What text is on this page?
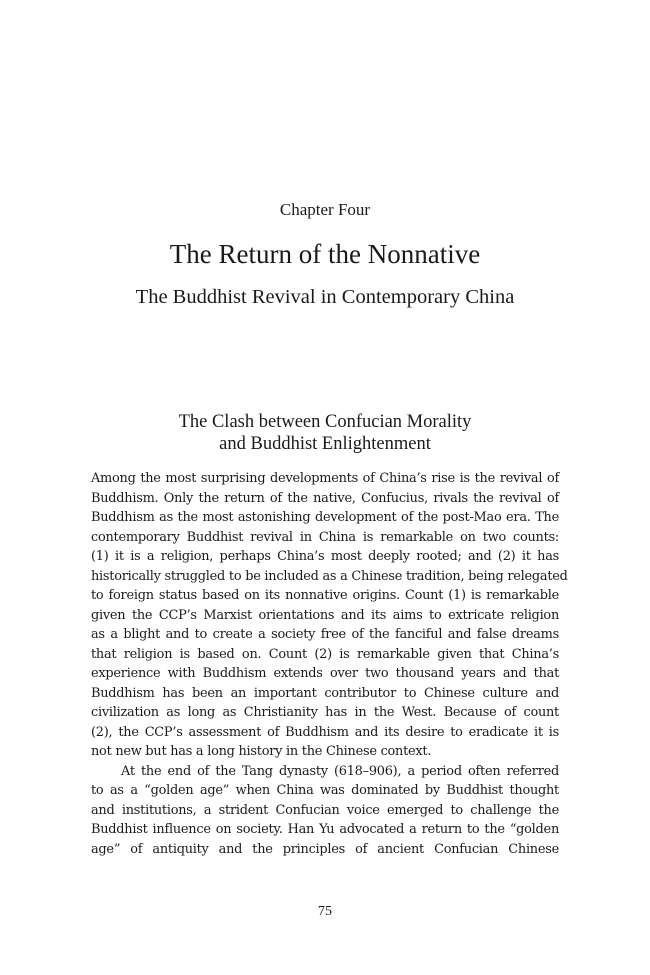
Chapter Four
The Return of the Nonnative
The Buddhist Revival in Contemporary China
The Clash between Confucian Morality
and Buddhist Enlightenment
Among the most surprising developments of China’s rise is the revival of
Buddhism. Only the return of the native, Confucius, rivals the revival of
Buddhism as the most astonishing development of the post-Mao era. The
contemporary Buddhist revival in China is remarkable on two counts:
(1) it is a religion, perhaps China’s most deeply rooted; and (2) it has
historically struggled to be included as a Chinese tradition, being relegated
to foreign status based on its nonnative origins. Count (1) is remarkable
given the CCP’s Marxist orientations and its aims to extricate religion
as a blight and to create a society free of the fanciful and false dreams
that religion is based on. Count (2) is remarkable given that China’s
experience with Buddhism extends over two thousand years and that
Buddhism has been an important contributor to Chinese culture and
civilization as long as Christianity has in the West. Because of count
(2), the CCP’s assessment of Buddhism and its desire to eradicate it is
not new but has a long history in the Chinese context.
At the end of the Tang dynasty (618–906), a period often referred
to as a “golden age” when China was dominated by Buddhist thought
and institutions, a strident Confucian voice emerged to challenge the
Buddhist influence on society. Han Yu advocated a return to the “golden
age” of antiquity and the principles of ancient Confucian Chinese
75
